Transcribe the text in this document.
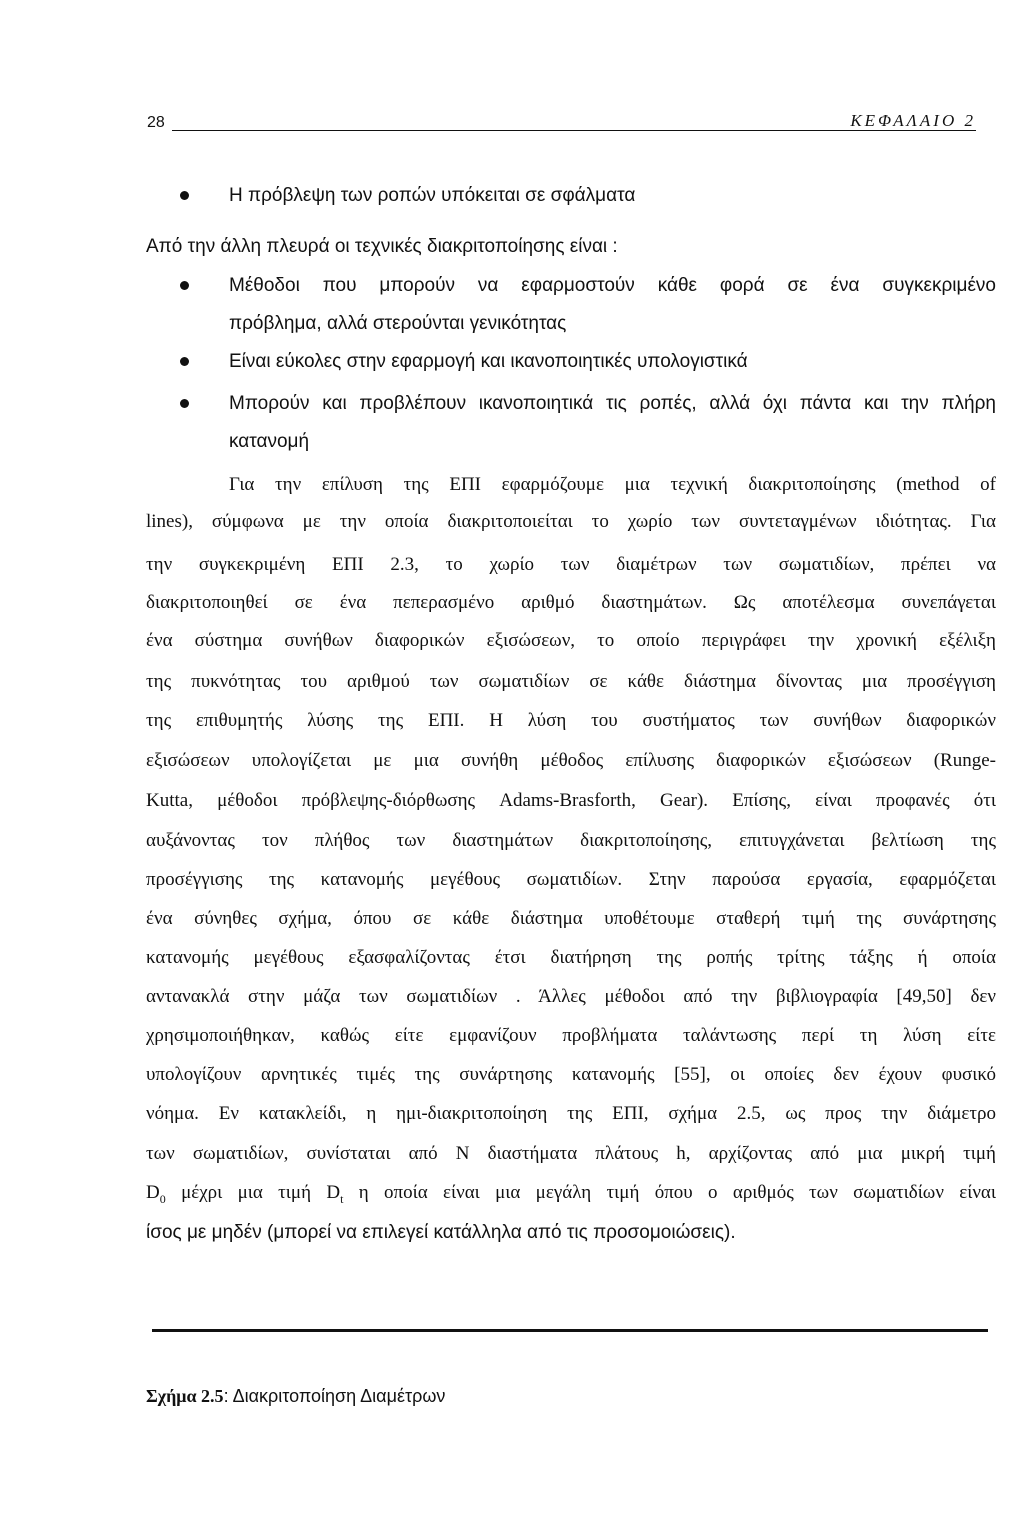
28	ΚΕΦΑΛΑΙΟ 2
Η πρόβλεψη των ροπών υπόκειται σε σφάλματα
Από την άλλη πλευρά οι τεχνικές διακριτοποίησης είναι :
Μέθοδοι που μπορούν να εφαρμοστούν κάθε φορά σε ένα συγκεκριμένο
πρόβλημα, αλλά στερούνται γενικότητας
Είναι εύκολες στην εφαρμογή και ικανοποιητικές υπολογιστικά
Μπορούν και προβλέπουν ικανοποιητικά τις ροπές, αλλά όχι πάντα και την πλήρη
κατανομή
Για την επίλυση της ΕΠΙ εφαρμόζουμε μια τεχνική διακριτοποίησης (method of
lines), σύμφωνα με την οποία διακριτοποιείται το χωρίο των συντεταγμένων ιδιότητας. Για
την συγκεκριμένη ΕΠΙ 2.3, το χωρίο των διαμέτρων των σωματιδίων, πρέπει να
διακριτοποιηθεί σε ένα πεπερασμένο αριθμό διαστημάτων. Ως αποτέλεσμα συνεπάγεται
ένα σύστημα συνήθων διαφορικών εξισώσεων, το οποίο περιγράφει την χρονική εξέλιξη
της πυκνότητας του αριθμού των σωματιδίων σε κάθε διάστημα δίνοντας μια προσέγγιση
της επιθυμητής λύσης της ΕΠΙ. Η λύση του συστήματος των συνήθων διαφορικών
εξισώσεων υπολογίζεται με μια συνήθη μέθοδος επίλυσης διαφορικών εξισώσεων (Runge-
Kutta, μέθοδοι πρόβλεψης-διόρθωσης Adams-Brasforth, Gear). Επίσης, είναι προφανές ότι
αυξάνοντας τον πλήθος των διαστημάτων διακριτοποίησης, επιτυγχάνεται βελτίωση της
προσέγγισης της κατανομής μεγέθους σωματιδίων. Στην παρούσα εργασία, εφαρμόζεται
ένα σύνηθες σχήμα, όπου σε κάθε διάστημα υποθέτουμε σταθερή τιμή της συνάρτησης
κατανομής μεγέθους εξασφαλίζοντας έτσι διατήρηση της ροπής τρίτης τάξης ή οποία
αντανακλά στην μάζα των σωματιδίων . Άλλες μέθοδοι από την βιβλιογραφία [49,50] δεν
χρησιμοποιήθηκαν, καθώς είτε εμφανίζουν προβλήματα ταλάντωσης περί τη λύση είτε
υπολογίζουν αρνητικές τιμές της συνάρτησης κατανομής [55], οι οποίες δεν έχουν φυσικό
νόημα. Εν κατακλείδι, η ημι-διακριτοποίηση της ΕΠΙ, σχήμα 2.5, ως προς την διάμετρο
των σωματιδίων, συνίσταται από Ν διαστήματα πλάτους h, αρχίζοντας από μια μικρή τιμή
$D_0$ μέχρι μια τιμή $D_t$ η οποία είναι μια μεγάλη τιμή όπου ο αριθμός των σωματιδίων είναι
ίσος με μηδέν (μπορεί να επιλεγεί κατάλληλα από τις προσομοιώσεις).
Σχήμα 2.5: Διακριτοποίηση Διαμέτρων
